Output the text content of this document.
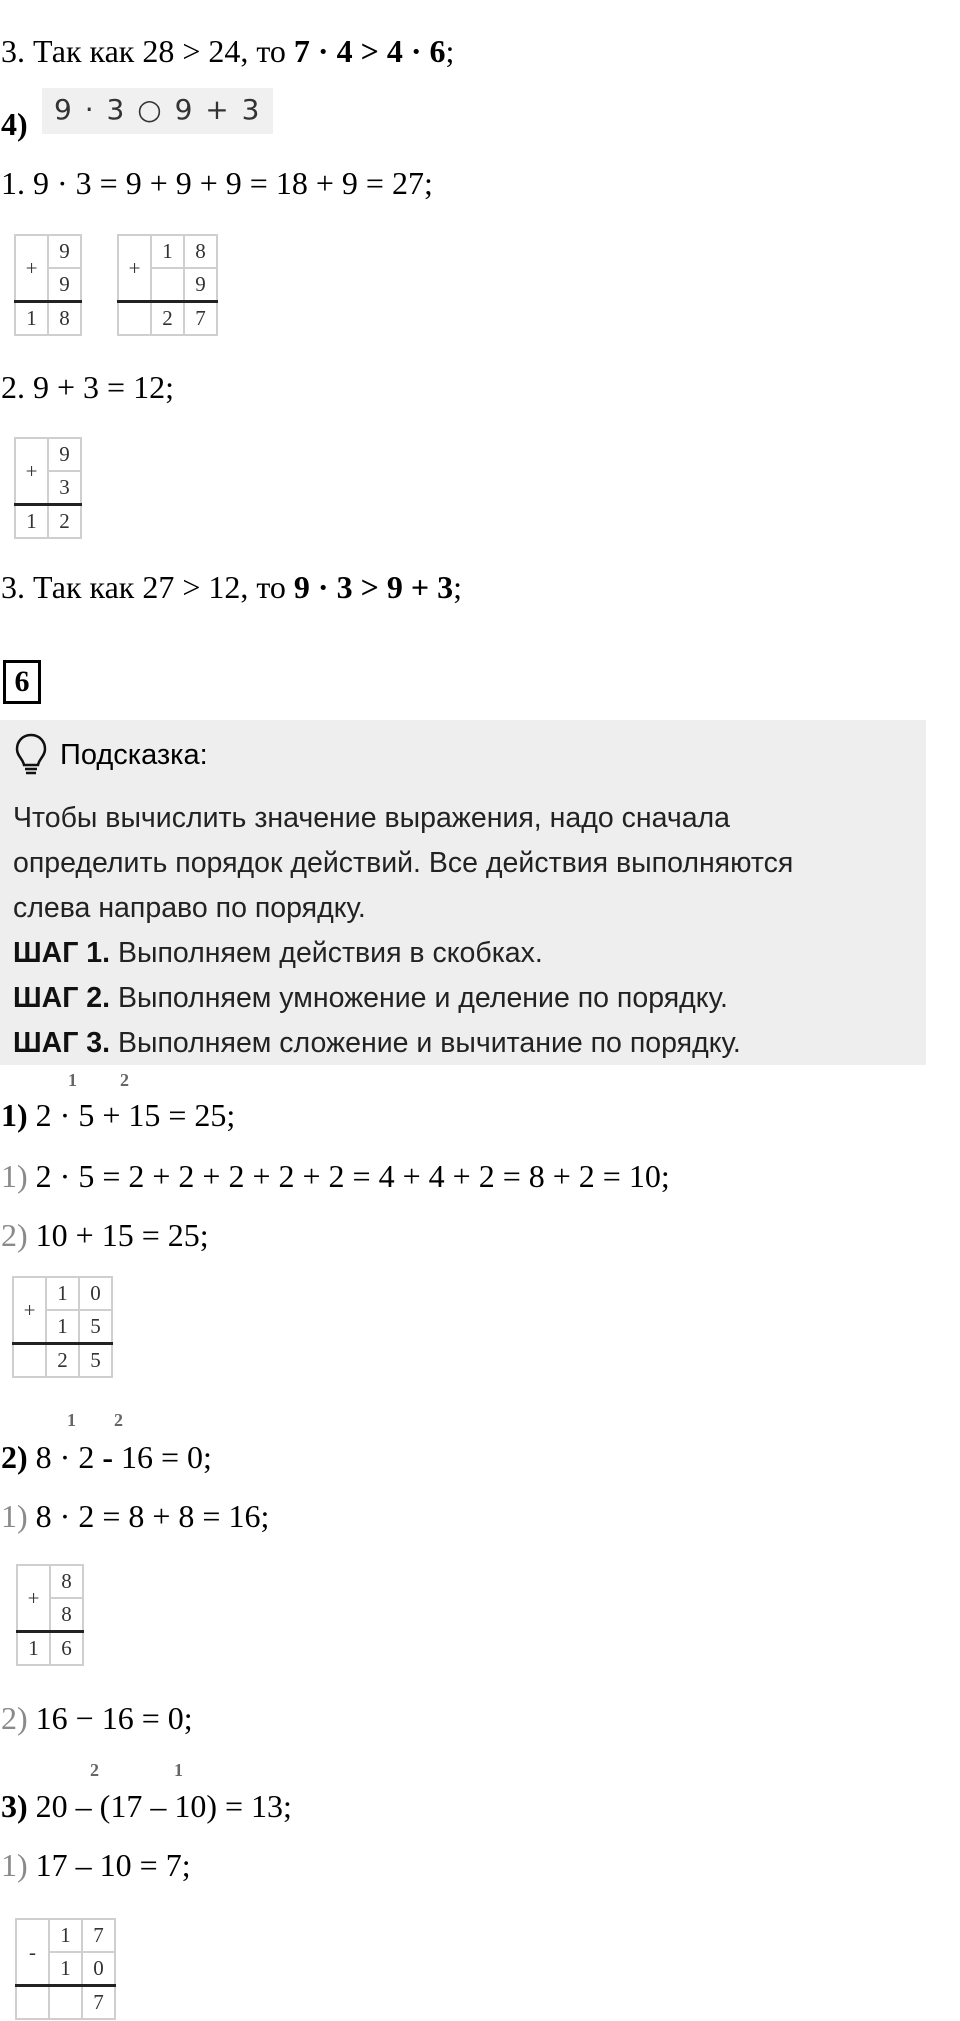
3. Так как 28 > 24, то 7 · 4 > 4 · 6;
4) 9 · 3 ○ 9 + 3
1. 9 · 3 = 9 + 9 + 9 = 18 + 9 = 27;
+	9
	9
1	8
+	1	8
		9
	2	7
2. 9 + 3 = 12;
+	9
	3
1	2
3. Так как 27 > 12, то 9 · 3 > 9 + 3;
6
Подсказка:
Чтобы вычислить значение выражения, надо сначала
определить порядок действий. Все действия выполняются
слева направо по порядку.
ШАГ 1. Выполняем действия в скобках.
ШАГ 2. Выполняем умножение и деление по порядку.
ШАГ 3. Выполняем сложение и вычитание по порядку.
1 2
1) 2 · 5 + 15 = 25;
1) 2 · 5 = 2 + 2 + 2 + 2 + 2 = 4 + 4 + 2 = 8 + 2 = 10;
2) 10 + 15 = 25;
+	1	0
	1	5
	2	5
1 2
2) 8 · 2 - 16 = 0;
1) 8 · 2 = 8 + 8 = 16;
+	8
	8
1	6
2) 16 − 16 = 0;
2	1
3) 20 – (17 – 10) = 13;
1) 17 – 10 = 7;
-	1	7
	1	0
		7
